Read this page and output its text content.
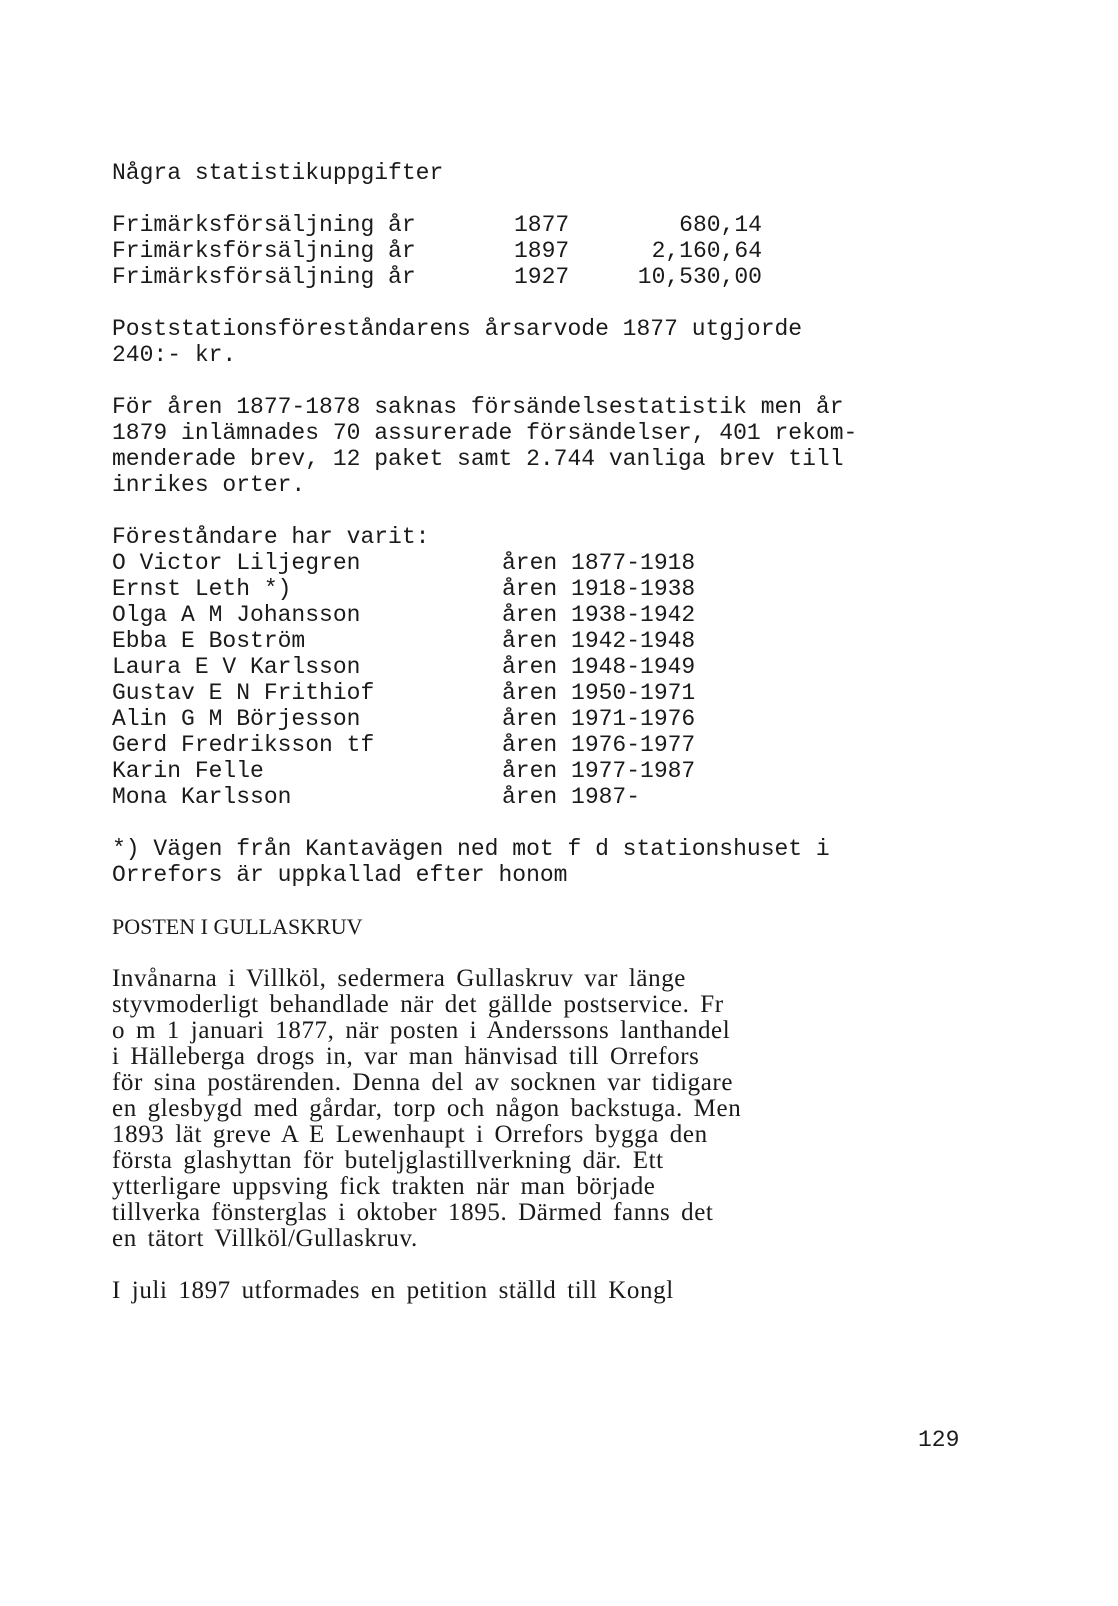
Några statistikuppgifter
Frimärksförsäljning år	1877	680,14
Frimärksförsäljning år	1897	2,160,64
Frimärksförsäljning år	1927	10,530,00
Poststationsföreståndarens årsarvode 1877 utgjorde
240:- kr.
För åren 1877-1878 saknas försändelsestatistik men år
1879 inlämnades 70 assurerade försändelser, 401 rekom-
menderade brev, 12 paket samt 2.744 vanliga brev till
inrikes orter.
Föreståndare har varit:
O Victor Liljegren	åren 1877-1918
Ernst Leth *)	åren 1918-1938
Olga A M Johansson	åren 1938-1942
Ebba E Boström	åren 1942-1948
Laura E V Karlsson	åren 1948-1949
Gustav E N Frithiof	åren 1950-1971
Alin G M Börjesson	åren 1971-1976
Gerd Fredriksson tf	åren 1976-1977
Karin Felle	åren 1977-1987
Mona Karlsson	åren 1987-
*) Vägen från Kantavägen ned mot f d stationshuset i
Orrefors är uppkallad efter honom
POSTEN I GULLASKRUV
Invånarna i Villköl, sedermera Gullaskruv var länge
styvmoderligt behandlade när det gällde postservice. Fr
o m 1 januari 1877, när posten i Anderssons lanthandel
i Hälleberga drogs in, var man hänvisad till Orrefors
för sina postärenden. Denna del av socknen var tidigare
en glesbygd med gårdar, torp och någon backstuga. Men
1893 lät greve A E Lewenhaupt i Orrefors bygga den
första glashyttan för buteljglastillverkning där. Ett
ytterligare uppsving fick trakten när man började
tillverka fönsterglas i oktober 1895. Därmed fanns det
en tätort Villköl/Gullaskruv.
I juli 1897 utformades en petition ställd till Kongl
129
